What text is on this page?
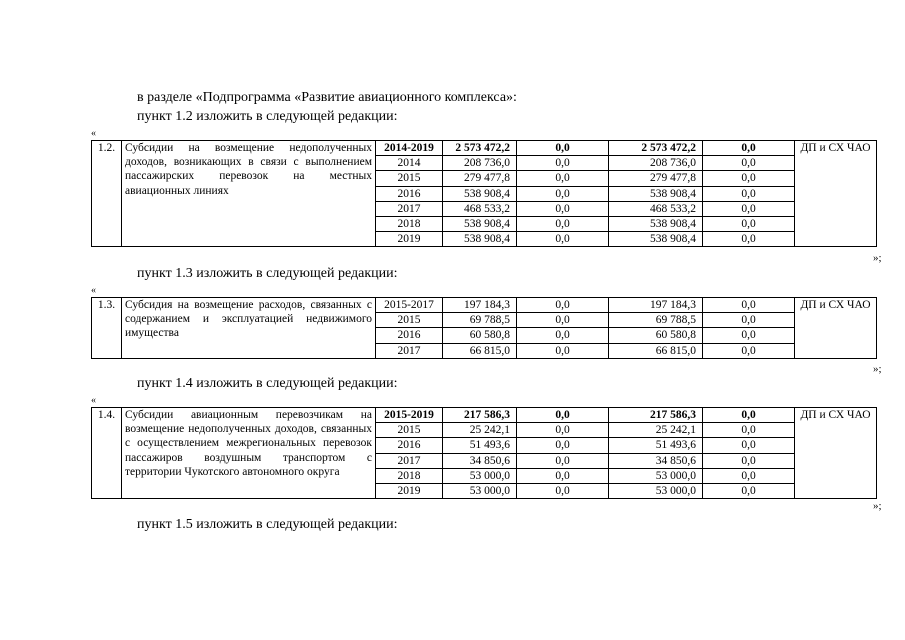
в разделе «Подпрограмма «Развитие авиационного комплекса»:
пункт 1.2 изложить в следующей редакции:
«
1.2.	Субсидии на возмещение недополученных доходов, возникающих в связи с выполнением пассажирских перевозок на местных авиационных линиях	2014-2019	2 573 472,2	0,0	2 573 472,2	0,0	ДП и СХ ЧАО
		2014	208 736,0	0,0	208 736,0	0,0	
		2015	279 477,8	0,0	279 477,8	0,0	
		2016	538 908,4	0,0	538 908,4	0,0	
		2017	468 533,2	0,0	468 533,2	0,0	
		2018	538 908,4	0,0	538 908,4	0,0	
		2019	538 908,4	0,0	538 908,4	0,0	
»;
пункт 1.3 изложить в следующей редакции:
«
1.3.	Субсидия на возмещение расходов, связанных с содержанием и эксплуатацией недвижимого имущества	2015-2017	197 184,3	0,0	197 184,3	0,0	ДП и СХ ЧАО
		2015	69 788,5	0,0	69 788,5	0,0	
		2016	60 580,8	0,0	60 580,8	0,0	
		2017	66 815,0	0,0	66 815,0	0,0	
»;
пункт 1.4 изложить в следующей редакции:
«
1.4.	Субсидии авиационным перевозчикам на возмещение недополученных доходов, связанных с осуществлением межрегиональных перевозок пассажиров воздушным транспортом с территории Чукотского автономного округа	2015-2019	217 586,3	0,0	217 586,3	0,0	ДП и СХ ЧАО
		2015	25 242,1	0,0	25 242,1	0,0	
		2016	51 493,6	0,0	51 493,6	0,0	
		2017	34 850,6	0,0	34 850,6	0,0	
		2018	53 000,0	0,0	53 000,0	0,0	
		2019	53 000,0	0,0	53 000,0	0,0	
»;
пункт 1.5 изложить в следующей редакции:
